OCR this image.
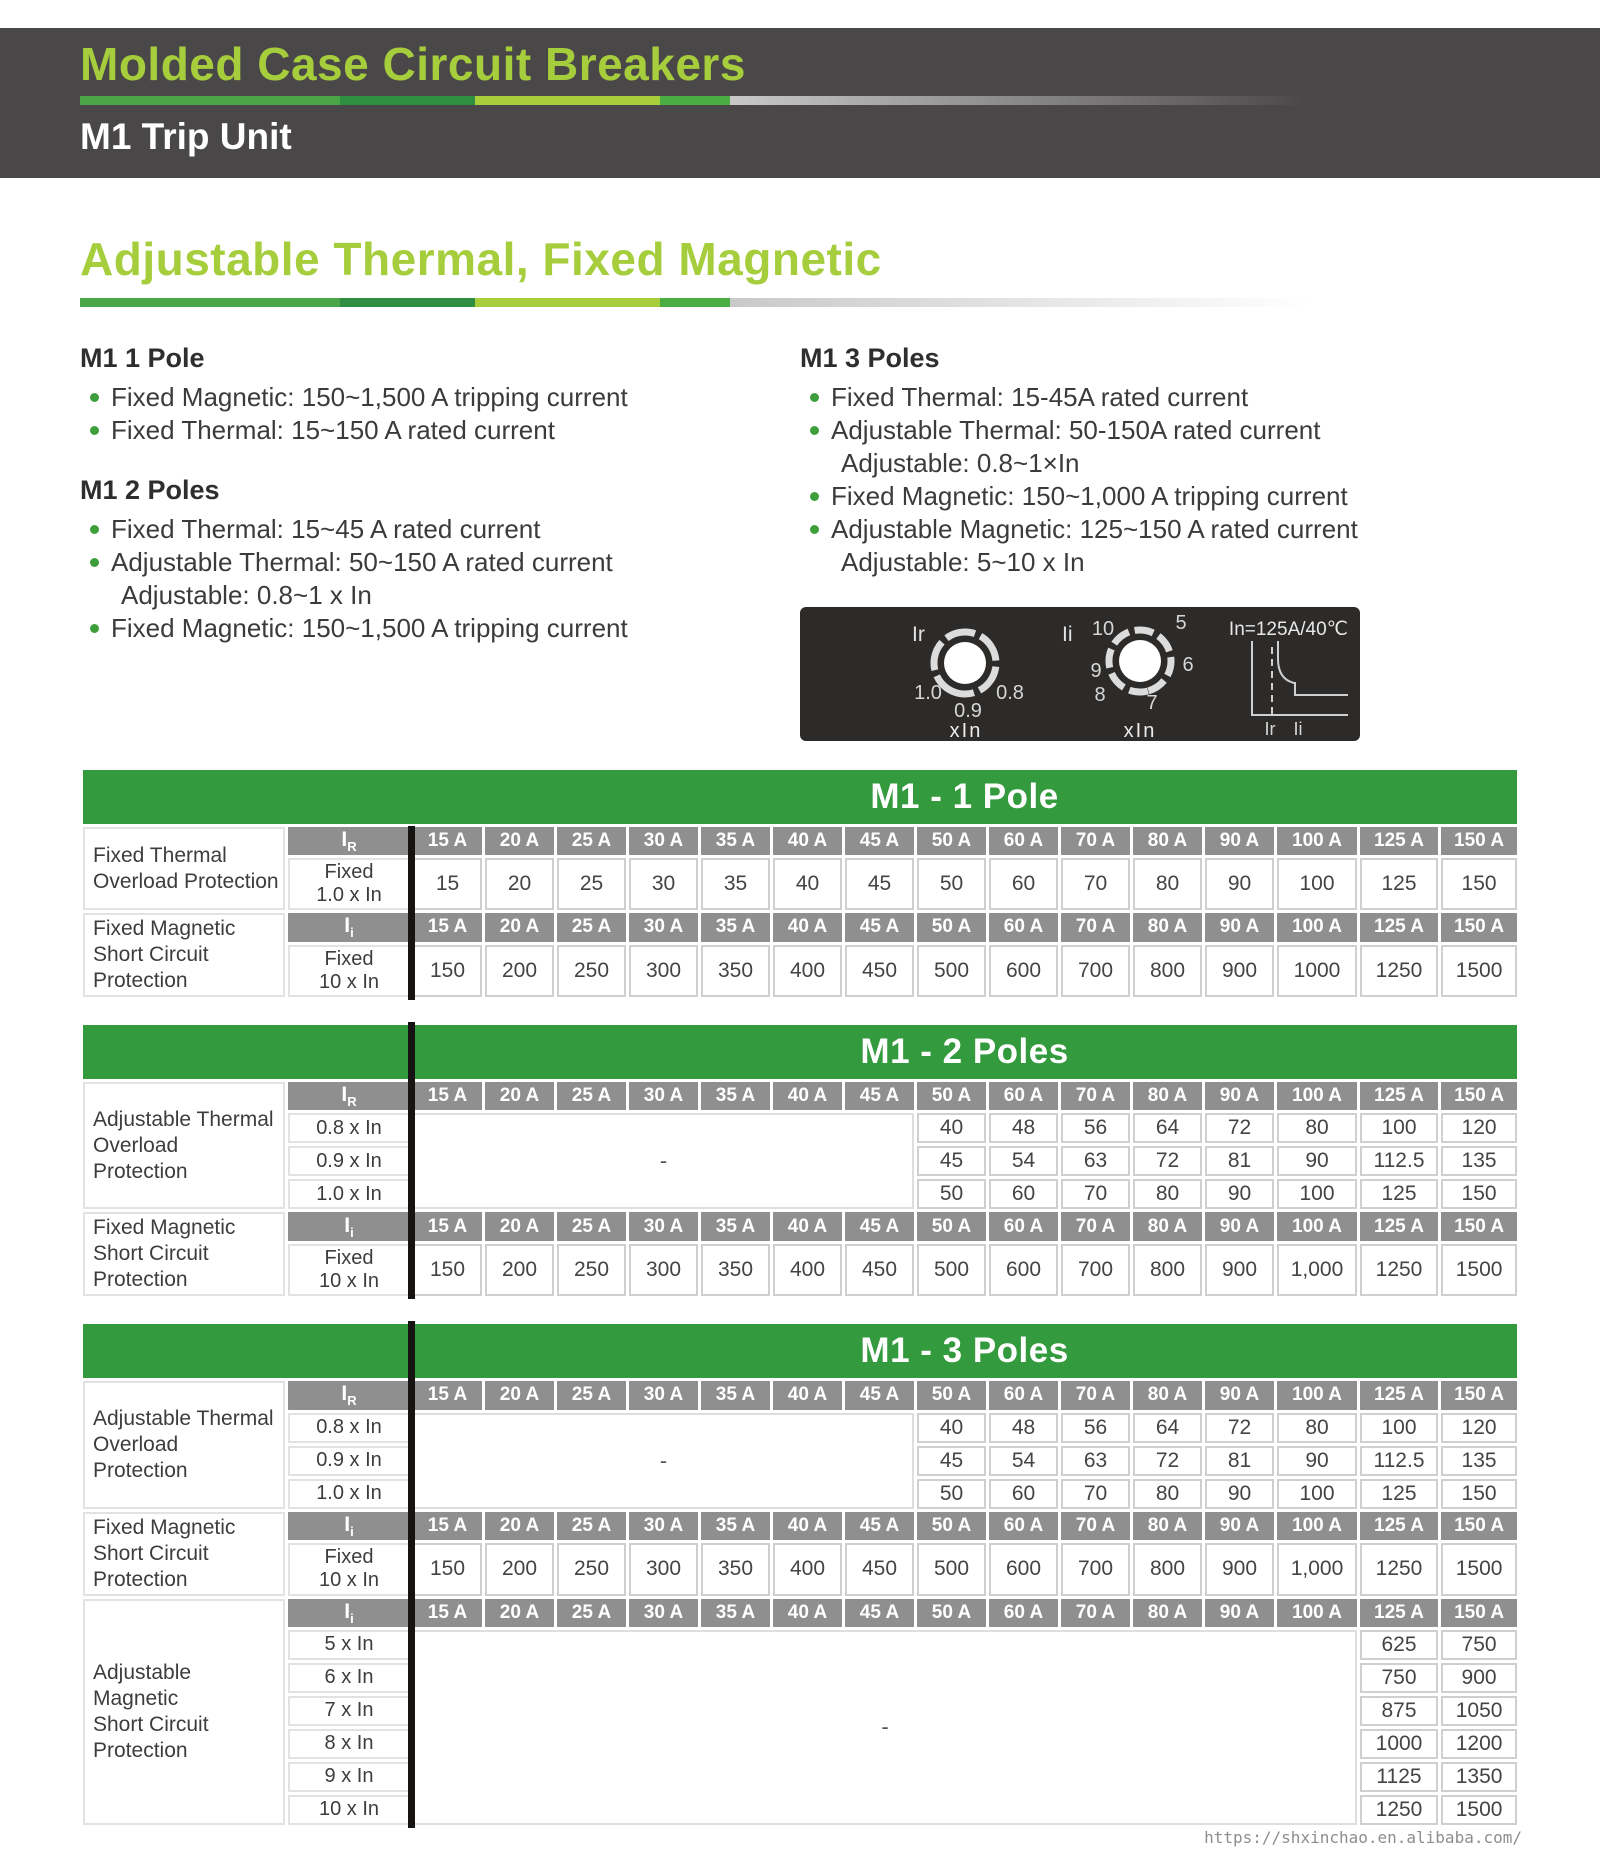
Molded Case Circuit Breakers
M1 Trip Unit
Adjustable Thermal, Fixed Magnetic
M1 1 Pole
Fixed Magnetic: 150~1,500 A tripping current
Fixed Thermal: 15~150 A rated current
M1 2 Poles
Fixed Thermal: 15~45 A rated current
Adjustable Thermal: 50~150 A rated current
Adjustable: 0.8~1 x In
Fixed Magnetic: 150~1,500 A tripping current
M1 3 Poles
Fixed Thermal: 15-45A rated current
Adjustable Thermal: 50-150A rated current
Adjustable: 0.8~1×In
Fixed Magnetic: 150~1,000 A tripping current
Adjustable Magnetic: 125~150 A rated current
Adjustable: 5~10 x In
Ir
1.0
0.9
0.8
xIn
Ii 10	5
9	6
8 7
xIn
In=125A/40℃
Ir Ii
M1 - 1 Pole																
Fixed Thermal
Overload Protection	$I_R$	15 A	20 A	25 A	30 A	35 A	40 A	45 A	50 A	60 A	70 A	80 A	90 A	100 A	125 A	150 A
	Fixed
1.0 x In	15	20	25	30	35	40	45	50	60	70	80	90	100	125	150
Fixed Magnetic
Short Circuit
Protection	$I_i$	15 A	20 A	25 A	30 A	35 A	40 A	45 A	50 A	60 A	70 A	80 A	90 A	100 A	125 A	150 A
	Fixed
10 x In	150	200	250	300	350	400	450	500	600	700	800	900	1000	1250	1500
M1 - 2 Poles																
Adjustable Thermal
Overload
Protection	$I_R$	15 A	20 A	25 A	30 A	35 A	40 A	45 A	50 A	60 A	70 A	80 A	90 A	100 A	125 A	150 A
	0.8 x In	-							40	48	56	64	72	80	100	120
	0.9 x In								45	54	63	72	81	90	112.5	135
	1.0 x In								50	60	70	80	90	100	125	150
Fixed Magnetic
Short Circuit
Protection	$I_i$	15 A	20 A	25 A	30 A	35 A	40 A	45 A	50 A	60 A	70 A	80 A	90 A	100 A	125 A	150 A
	Fixed
10 x In	150	200	250	300	350	400	450	500	600	700	800	900	1,000	1250	1500
M1 - 3 Poles																
Adjustable Thermal
Overload
Protection	$I_R$	15 A	20 A	25 A	30 A	35 A	40 A	45 A	50 A	60 A	70 A	80 A	90 A	100 A	125 A	150 A
	0.8 x In	-							40	48	56	64	72	80	100	120
	0.9 x In								45	54	63	72	81	90	112.5	135
	1.0 x In								50	60	70	80	90	100	125	150
Fixed Magnetic
Short Circuit
Protection	$I_i$	15 A	20 A	25 A	30 A	35 A	40 A	45 A	50 A	60 A	70 A	80 A	90 A	100 A	125 A	150 A
	Fixed
10 x In	150	200	250	300	350	400	450	500	600	700	800	900	1,000	1250	1500
Adjustable
Magnetic
Short Circuit
Protection	$I_i$	15 A	20 A	25 A	30 A	35 A	40 A	45 A	50 A	60 A	70 A	80 A	90 A	100 A	125 A	150 A
	5 x In	-													625	750
	6 x In														750	900
	7 x In														875	1050
	8 x In														1000	1200
	9 x In														1125	1350
	10 x In														1250	1500
https://shxinchao.en.alibaba.com/
